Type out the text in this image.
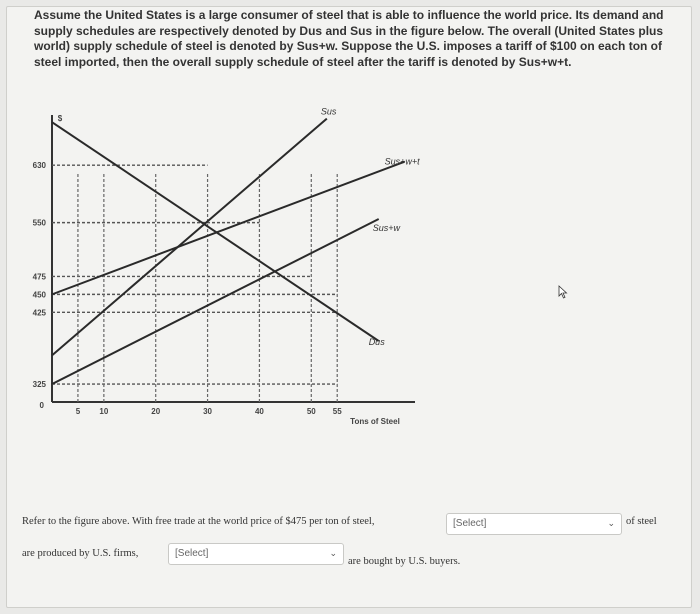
Assume the United States is a large consumer of steel that is able to influence the world price. Its demand and supply schedules are respectively denoted by Dus and Sus in the figure below. The overall (United States plus world) supply schedule of steel is denoted by Sus+w. Suppose the U.S. imposes a tariff of $100 on each ton of steel imported, then the overall supply schedule of steel after the tariff is denoted by Sus+w+t.
325
425
450
475
550
630
5 10	20	30	40	50 55
0
$
Tons of Steel
Sus
Sus+w+t
Sus+w
Dus
Refer to the figure above. With free trade at the world price of $475 per ton of steel,	[Select]	⌄ of steel
are produced by U.S. firms,	[Select]	⌄
are bought by U.S. buyers.
